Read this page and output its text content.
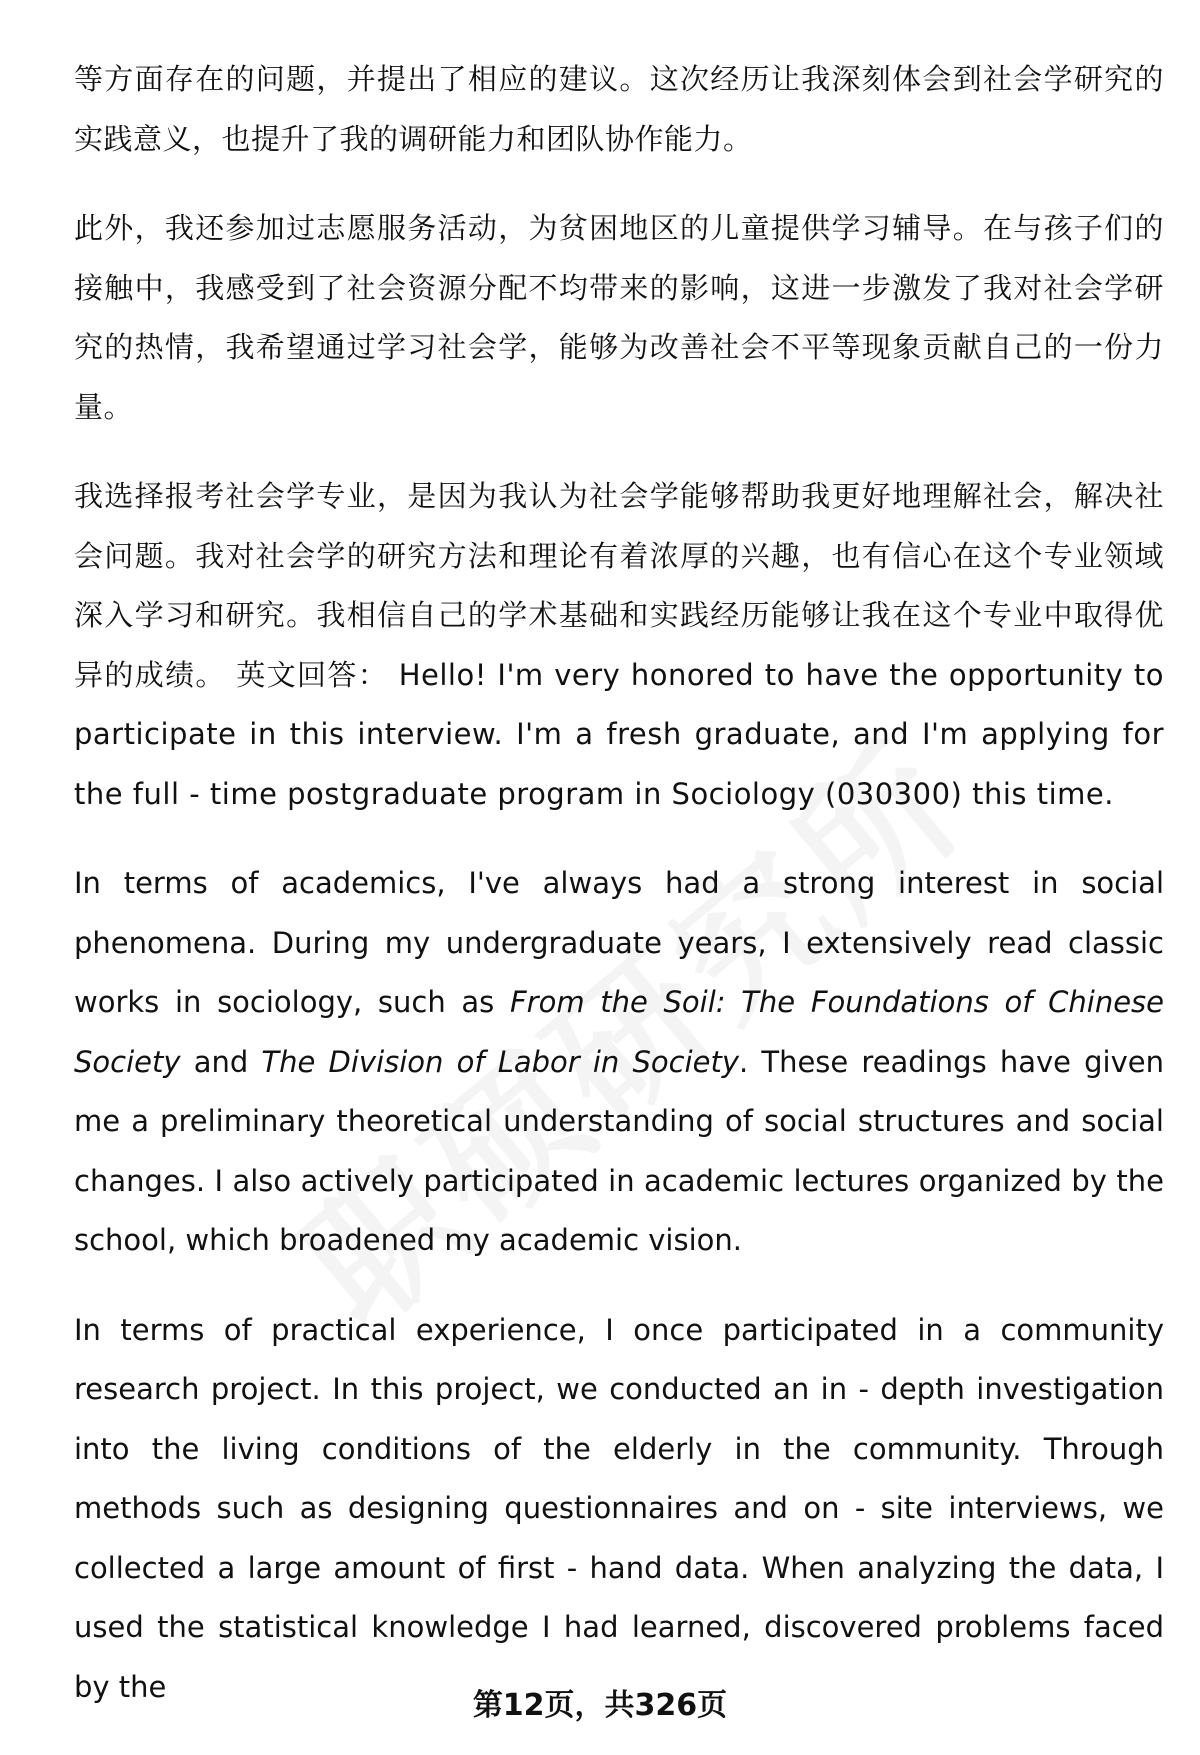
等方面存在的问题，并提出了相应的建议。这次经历让我深刻体会到社会学研究的实践意义，也提升了我的调研能力和团队协作能力。

此外，我还参加过志愿服务活动，为贫困地区的儿童提供学习辅导。在与孩子们的接触中，我感受到了社会资源分配不均带来的影响，这进一步激发了我对社会学研究的热情，我希望通过学习社会学，能够为改善社会不平等现象贡献自己的一份力量。

我选择报考社会学专业，是因为我认为社会学能够帮助我更好地理解社会，解决社会问题。我对社会学的研究方法和理论有着浓厚的兴趣，也有信心在这个专业领域深入学习和研究。我相信自己的学术基础和实践经历能够让我在这个专业中取得优异的成绩。 英文回答： Hello! I'm very honored to have the opportunity to participate in this interview. I'm a fresh graduate, and I'm applying for the full - time postgraduate program in Sociology (030300) this time.

In terms of academics, I've always had a strong interest in social phenomena. During my undergraduate years, I extensively read classic works in sociology, such as From the Soil: The Foundations of Chinese Society and The Division of Labor in Society. These readings have given me a preliminary theoretical understanding of social structures and social changes. I also actively participated in academic lectures organized by the school, which broadened my academic vision.

In terms of practical experience, I once participated in a community research project. In this project, we conducted an in - depth investigation into the living conditions of the elderly in the community. Through methods such as designing questionnaires and on - site interviews, we collected a large amount of first - hand data. When analyzing the data, I used the statistical knowledge I had learned, discovered problems faced by the

第12页，共326页
